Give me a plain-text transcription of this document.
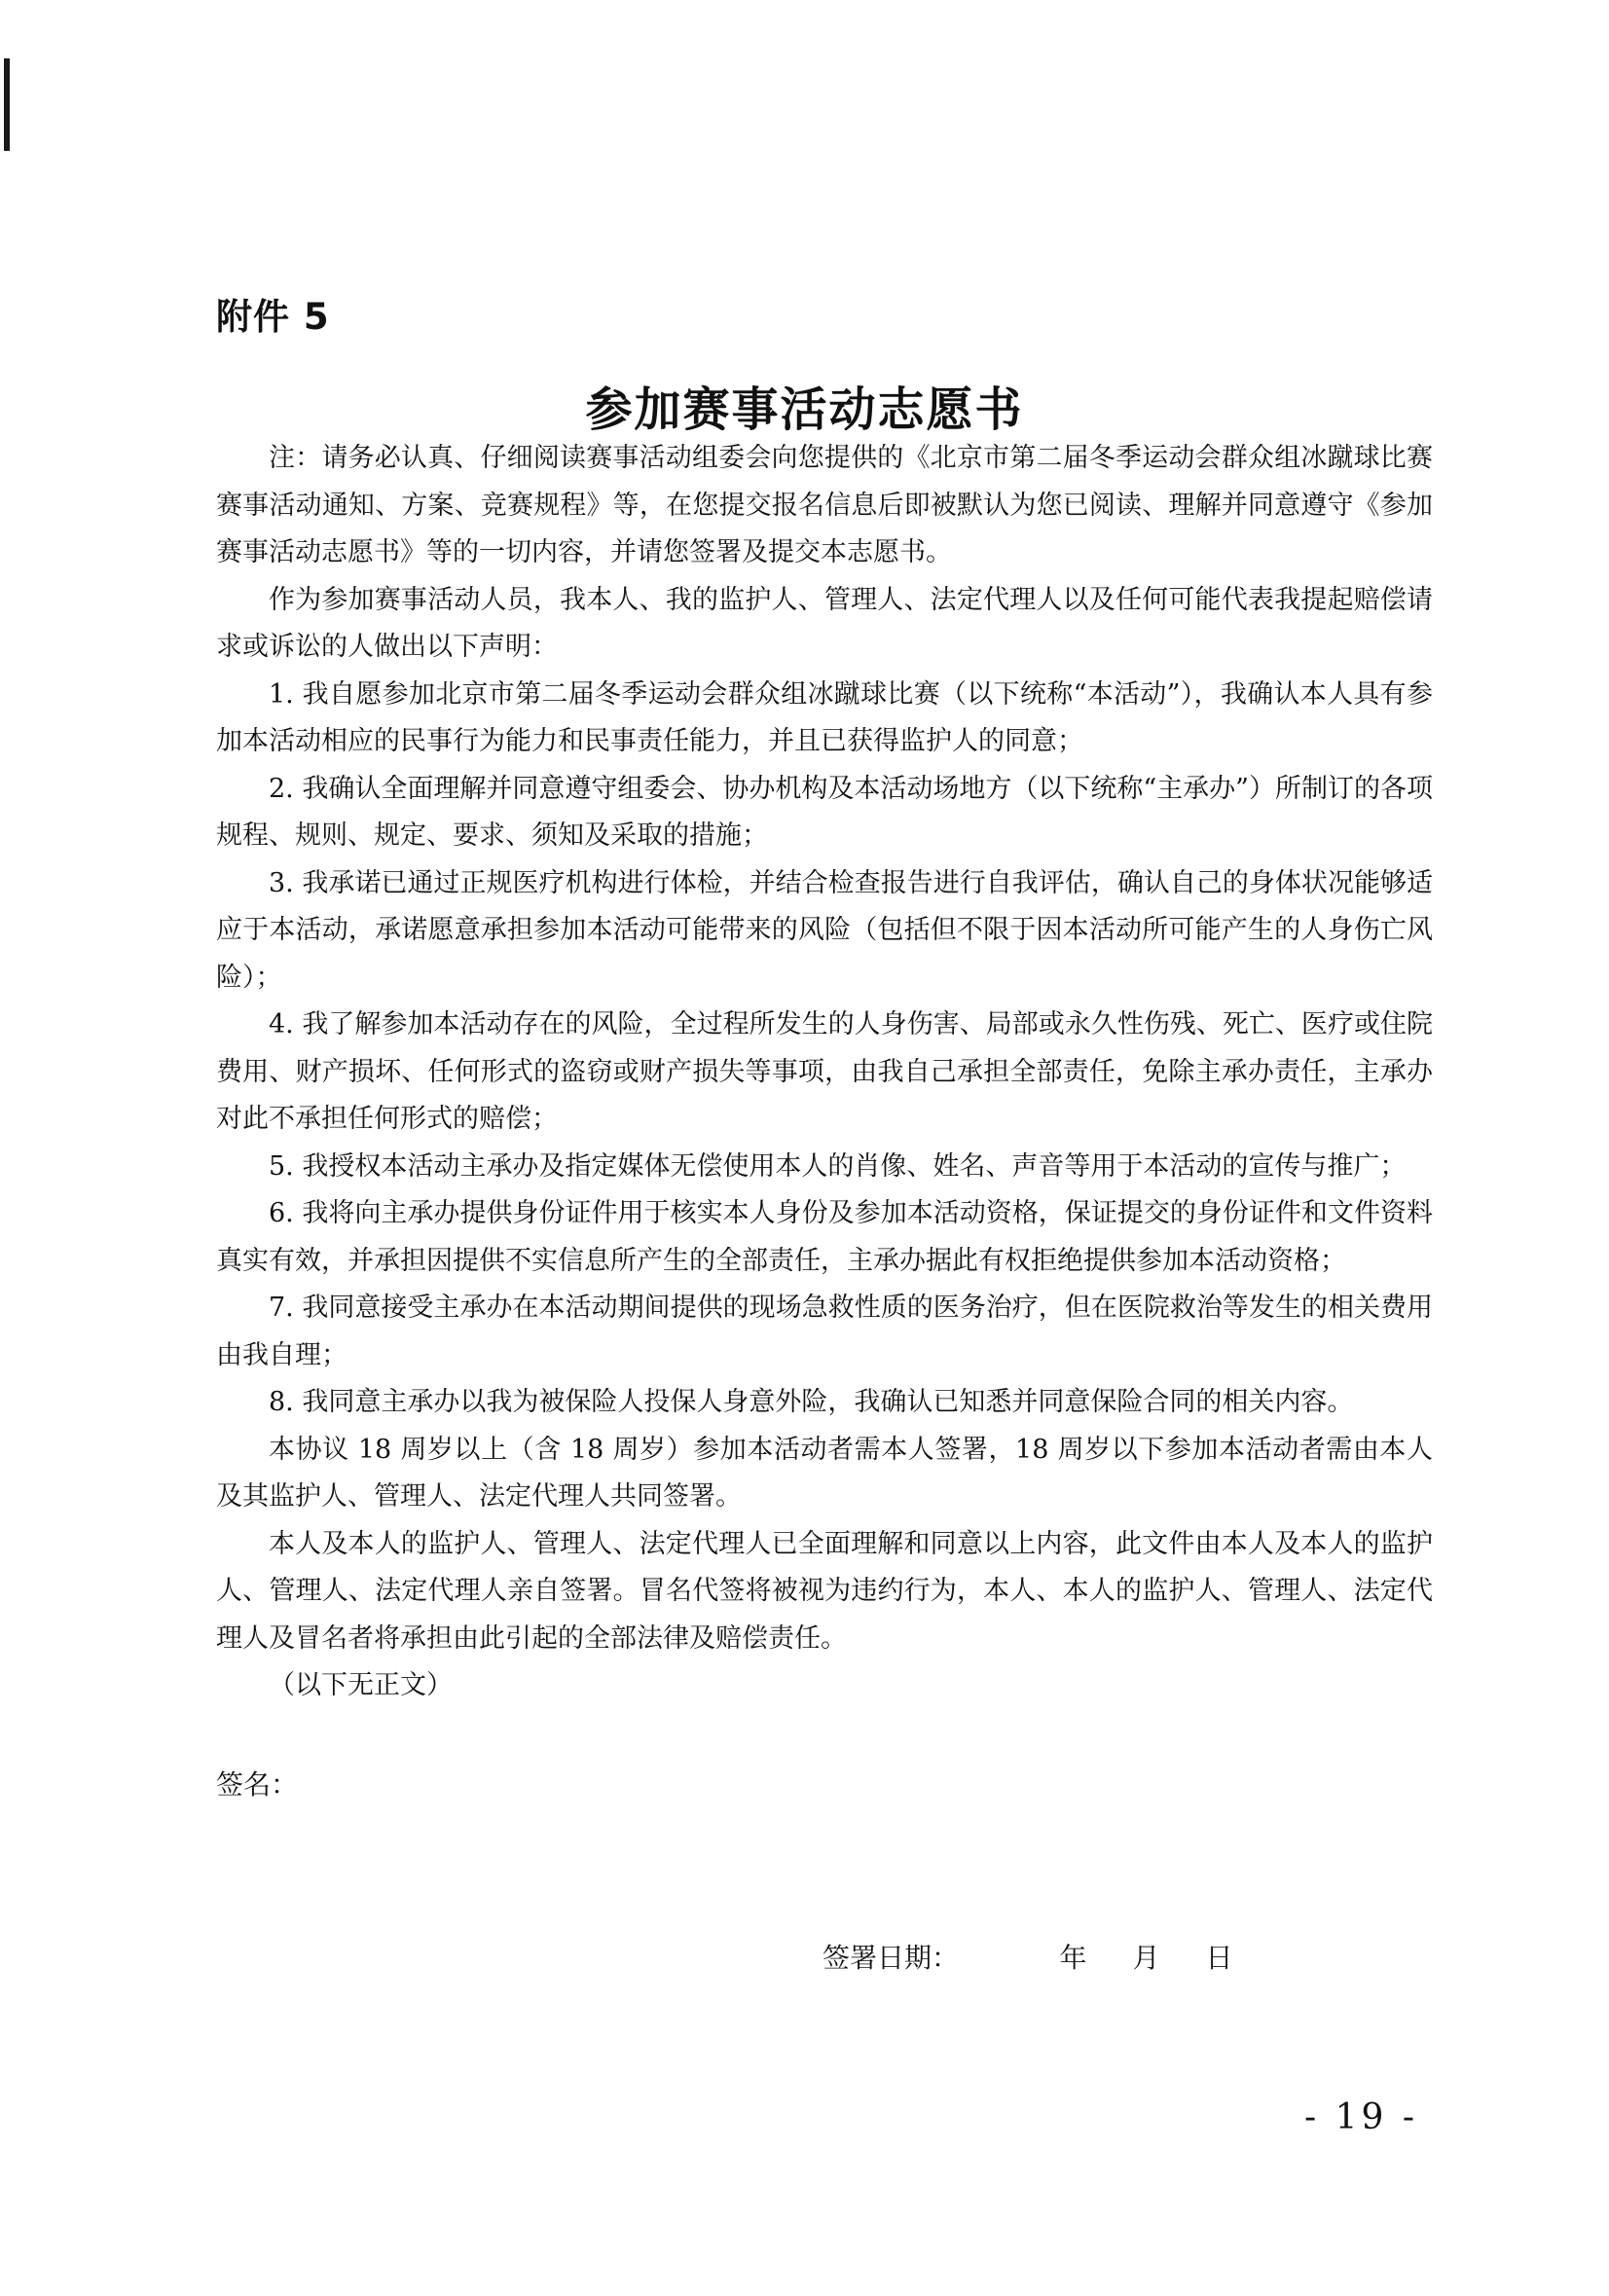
附件 5
参加赛事活动志愿书

注：请务必认真、仔细阅读赛事活动组委会向您提供的《北京市第二届冬季运动会群众组冰蹴球比赛赛事活动通知、方案、竞赛规程》等，在您提交报名信息后即被默认为您已阅读、理解并同意遵守《参加赛事活动志愿书》等的一切内容，并请您签署及提交本志愿书。

作为参加赛事活动人员，我本人、我的监护人、管理人、法定代理人以及任何可能代表我提起赔偿请求或诉讼的人做出以下声明：

1. 我自愿参加北京市第二届冬季运动会群众组冰蹴球比赛（以下统称“本活动”），我确认本人具有参加本活动相应的民事行为能力和民事责任能力，并且已获得监护人的同意；

2. 我确认全面理解并同意遵守组委会、协办机构及本活动场地方（以下统称“主承办”）所制订的各项规程、规则、规定、要求、须知及采取的措施；

3. 我承诺已通过正规医疗机构进行体检，并结合检查报告进行自我评估，确认自己的身体状况能够适应于本活动，承诺愿意承担参加本活动可能带来的风险（包括但不限于因本活动所可能产生的人身伤亡风险）；

4. 我了解参加本活动存在的风险，全过程所发生的人身伤害、局部或永久性伤残、死亡、医疗或住院费用、财产损坏、任何形式的盗窃或财产损失等事项，由我自己承担全部责任，免除主承办责任，主承办对此不承担任何形式的赔偿；

5. 我授权本活动主承办及指定媒体无偿使用本人的肖像、姓名、声音等用于本活动的宣传与推广；

6. 我将向主承办提供身份证件用于核实本人身份及参加本活动资格，保证提交的身份证件和文件资料真实有效，并承担因提供不实信息所产生的全部责任，主承办据此有权拒绝提供参加本活动资格；

7. 我同意接受主承办在本活动期间提供的现场急救性质的医务治疗，但在医院救治等发生的相关费用由我自理；

8. 我同意主承办以我为被保险人投保人身意外险，我确认已知悉并同意保险合同的相关内容。

本协议 18 周岁以上（含 18 周岁）参加本活动者需本人签署，18 周岁以下参加本活动者需由本人及其监护人、管理人、法定代理人共同签署。

本人及本人的监护人、管理人、法定代理人已全面理解和同意以上内容，此文件由本人及本人的监护人、管理人、法定代理人亲自签署。冒名代签将被视为违约行为，本人、本人的监护人、管理人、法定代理人及冒名者将承担由此引起的全部法律及赔偿责任。

（以下无正文）

签名：
签署日期：	年	月	日
- 19 -
